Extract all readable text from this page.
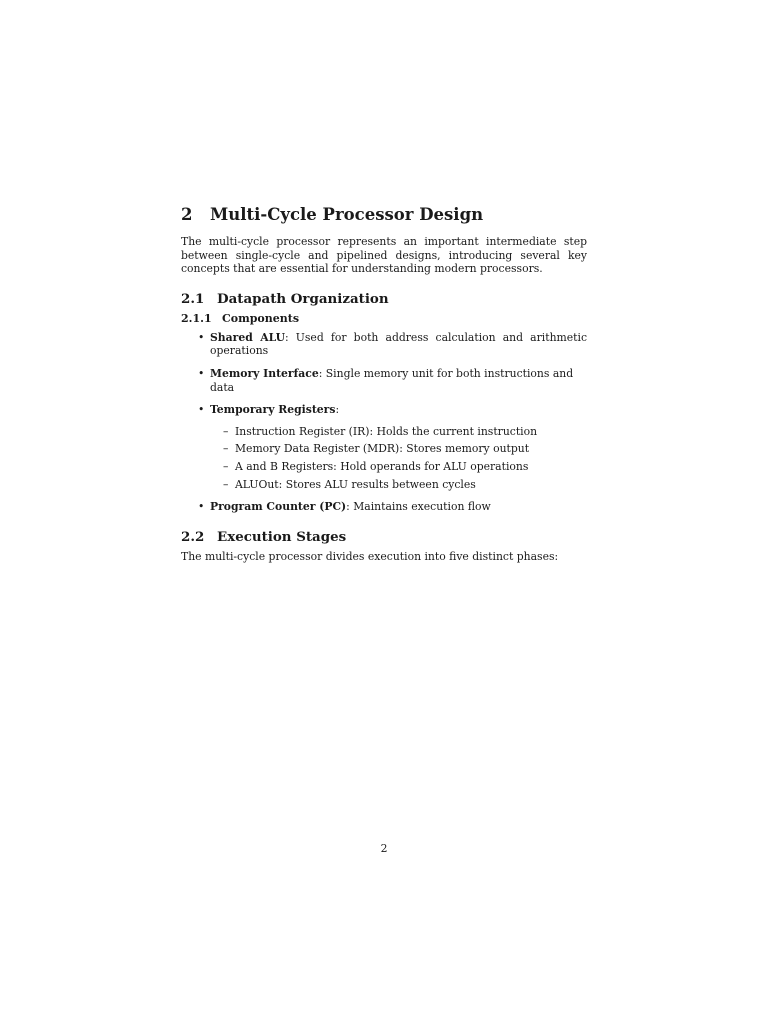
2	Multi-Cycle Processor Design

The multi-cycle processor represents an important intermediate step between single-cycle and pipelined designs, introducing several key concepts that are essential for understanding modern processors.

2.1 Datapath Organization
2.1.1 Components
• Shared ALU: Used for both address calculation and arithmetic operations
• Memory Interface: Single memory unit for both instructions and data
• Temporary Registers:
– Instruction Register (IR): Holds the current instruction
– Memory Data Register (MDR): Stores memory output
– A and B Registers: Hold operands for ALU operations
– ALUOut: Stores ALU results between cycles
• Program Counter (PC): Maintains execution flow
2.2 Execution Stages

The multi-cycle processor divides execution into five distinct phases:

2
